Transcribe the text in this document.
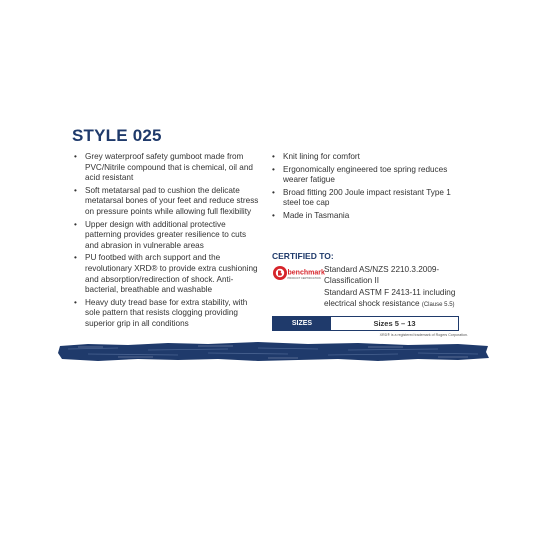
STYLE 025
• Grey waterproof safety gumboot made from PVC/Nitrile compound that is chemical, oil and acid resistant
• Soft metatarsal pad to cushion the delicate metatarsal bones of your feet and reduce stress on pressure points while allowing full flexibility
• Upper design with additional protective patterning provides greater resilience to cuts and abrasion in vulnerable areas
• PU footbed with arch support and the revolutionary XRD® to provide extra cushioning and absorption/redirection of shock. Anti-bacterial, breathable and washable
• Heavy duty tread base for extra stability, with sole pattern that resists clogging providing superior grip in all conditions
• Knit lining for comfort
• Ergonomically engineered toe spring reduces wearer fatigue
• Broad fitting 200 Joule impact resistant Type 1 steel toe cap
• Made in Tasmania
CERTIFIED TO:
benchmark
PRODUCT CERTIFICATION
Standard AS/NZS 2210.3.2009-Classification II
Standard ASTM F 2413-11 including electrical shock resistance (Clause 5.5)
SIZES	Sizes 5 – 13
XRD® is a registered trademark of Rogers Corporation.
